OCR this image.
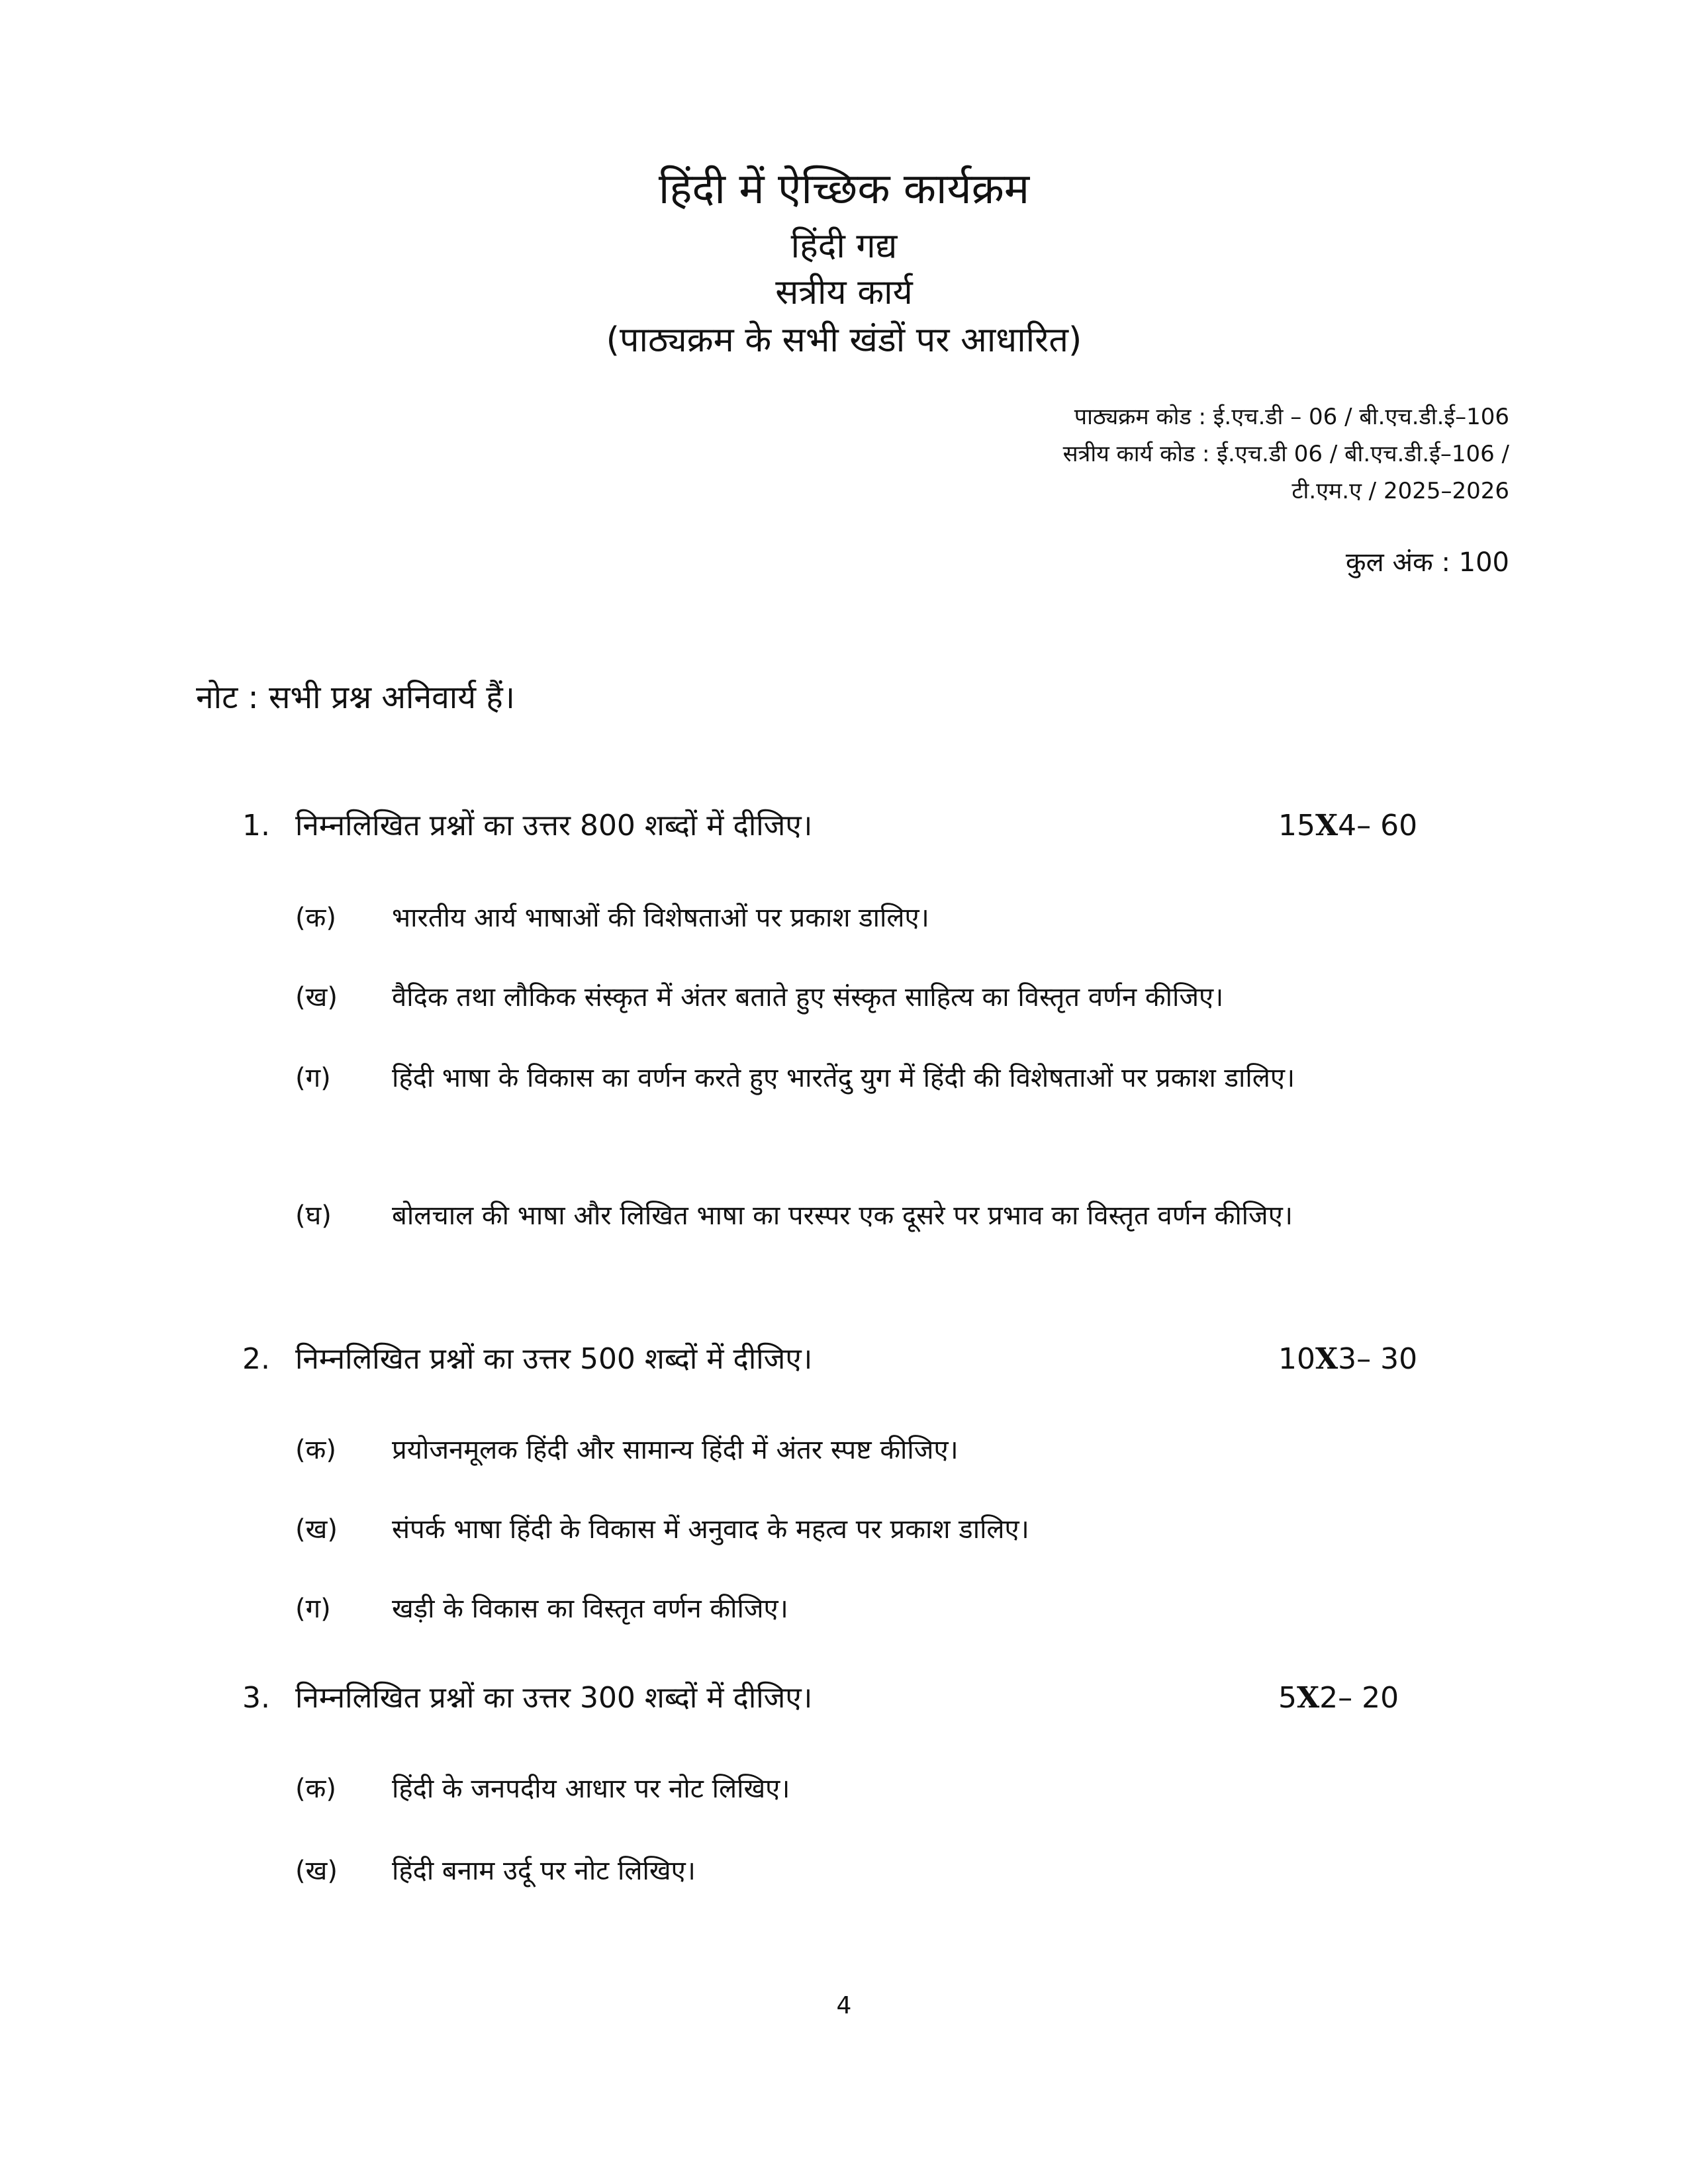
हिंदी में ऐच्छिक कार्यक्रम
हिंदी गद्य
सत्रीय कार्य
(पाठ्यक्रम के सभी खंडों पर आधारित)
पाठ्यक्रम कोड : ई.एच.डी – 06 / बी.एच.डी.ई–106
सत्रीय कार्य कोड : ई.एच.डी 06 / बी.एच.डी.ई–106 /
टी.एम.ए / 2025–2026
कुल अंक : 100
नोट : सभी प्रश्न अनिवार्य हैं।
1. निम्नलिखित प्रश्नों का उत्तर 800 शब्दों में दीजिए।	15X4– 60
(क)	भारतीय आर्य भाषाओं की विशेषताओं पर प्रकाश डालिए।
(ख)	वैदिक तथा लौकिक संस्कृत में अंतर बताते हुए संस्कृत साहित्य का विस्तृत वर्णन कीजिए।
(ग)	हिंदी भाषा के विकास का वर्णन करते हुए भारतेंदु युग में हिंदी की विशेषताओं पर प्रकाश डालिए।
(घ)	बोलचाल की भाषा और लिखित भाषा का परस्पर एक दूसरे पर प्रभाव का विस्तृत वर्णन कीजिए।
2. निम्नलिखित प्रश्नों का उत्तर 500 शब्दों में दीजिए।	10X3– 30
(क)	प्रयोजनमूलक हिंदी और सामान्य हिंदी में अंतर स्पष्ट कीजिए।
(ख)	संपर्क भाषा हिंदी के विकास में अनुवाद के महत्व पर प्रकाश डालिए।
(ग)	खड़ी के विकास का विस्तृत वर्णन कीजिए।
3. निम्नलिखित प्रश्नों का उत्तर 300 शब्दों में दीजिए।	5X2– 20
(क)	हिंदी के जनपदीय आधार पर नोट लिखिए।
(ख)	हिंदी बनाम उर्दू पर नोट लिखिए।
4
